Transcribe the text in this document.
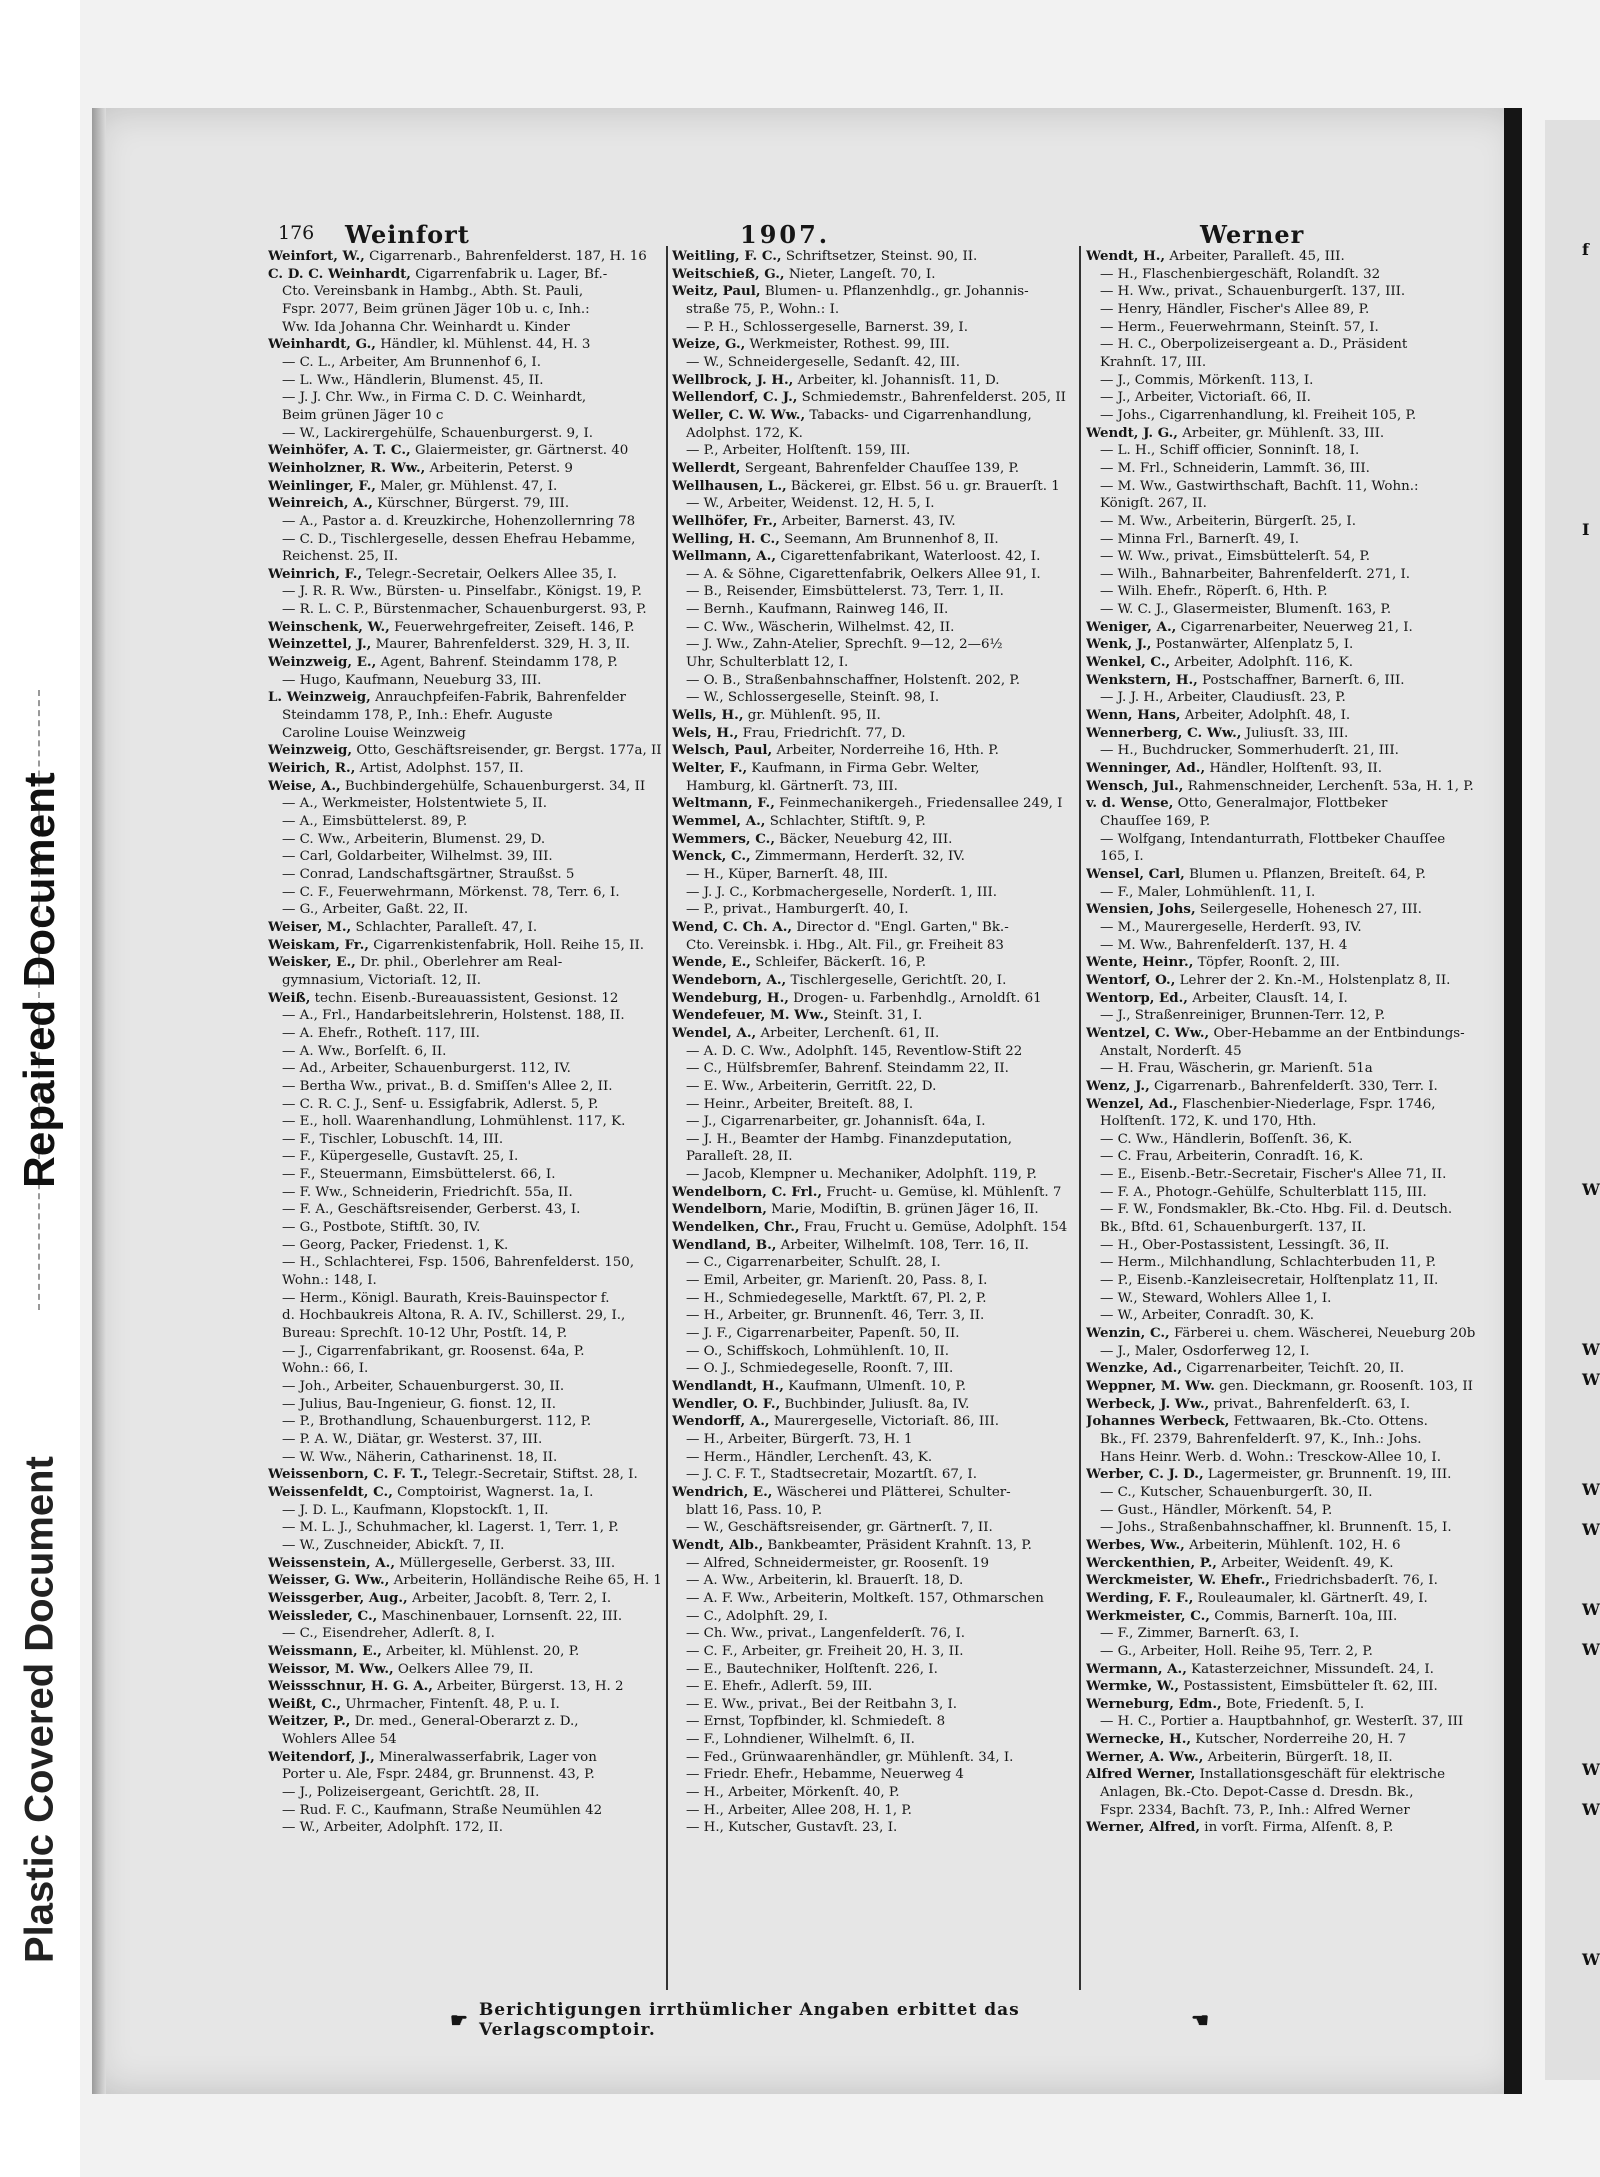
Repaired Document
Plastic Covered Document
f
I
W
W
W
W
W
W
W
W
W
W
176 Weinfort	1907.	Werner
Weinfort, W., Cigarrenarb., Bahrenfelderst. 187, H. 16
C. D. C. Weinhardt, Cigarrenfabrik u. Lager, Bf.-
Cto. Vereinsbank in Hambg., Abth. St. Pauli,
Fspr. 2077, Beim grünen Jäger 10b u. c, Inh.:
Ww. Ida Johanna Chr. Weinhardt u. Kinder
Weinhardt, G., Händler, kl. Mühlenst. 44, H. 3
— C. L., Arbeiter, Am Brunnenhof 6, I.
— L. Ww., Händlerin, Blumenst. 45, II.
— J. J. Chr. Ww., in Firma C. D. C. Weinhardt,
Beim grünen Jäger 10 c
— W., Lackirergehülfe, Schauenburgerst. 9, I.
Weinhöfer, A. T. C., Glaiermeister, gr. Gärtnerst. 40
Weinholzner, R. Ww., Arbeiterin, Peterst. 9
Weinlinger, F., Maler, gr. Mühlenst. 47, I.
Weinreich, A., Kürschner, Bürgerst. 79, III.
— A., Pastor a. d. Kreuzkirche, Hohenzollernring 78
— C. D., Tischlergeselle, dessen Ehefrau Hebamme,
Reichenst. 25, II.
Weinrich, F., Telegr.-Secretair, Oelkers Allee 35, I.
— J. R. R. Ww., Bürsten- u. Pinselfabr., Königst. 19, P.
— R. L. C. P., Bürstenmacher, Schauenburgerst. 93, P.
Weinschenk, W., Feuerwehrgefreiter, Zeiseft. 146, P.
Weinzettel, J., Maurer, Bahrenfelderst. 329, H. 3, II.
Weinzweig, E., Agent, Bahrenf. Steindamm 178, P.
— Hugo, Kaufmann, Neueburg 33, III.
L. Weinzweig, Anrauchpfeifen-Fabrik, Bahrenfelder
Steindamm 178, P., Inh.: Ehefr. Auguste
Caroline Louise Weinzweig
Weinzweig, Otto, Geschäftsreisender, gr. Bergst. 177a, II
Weirich, R., Artist, Adolphst. 157, II.
Weise, A., Buchbindergehülfe, Schauenburgerst. 34, II
— A., Werkmeister, Holstentwiete 5, II.
— A., Eimsbüttelerst. 89, P.
— C. Ww., Arbeiterin, Blumenst. 29, D.
— Carl, Goldarbeiter, Wilhelmst. 39, III.
— Conrad, Landschaftsgärtner, Straußst. 5
— C. F., Feuerwehrmann, Mörkenst. 78, Terr. 6, I.
— G., Arbeiter, Gaßt. 22, II.
Weiser, M., Schlachter, Paralleſt. 47, I.
Weiskam, Fr., Cigarrenkistenfabrik, Holl. Reihe 15, II.
Weisker, E., Dr. phil., Oberlehrer am Real-
gymnasium, Victoriaſt. 12, II.
Weiß, techn. Eisenb.-Bureauassistent, Gesionst. 12
— A., Frl., Handarbeitslehrerin, Holstenst. 188, II.
— A. Ehefr., Rotheſt. 117, III.
— A. Ww., Borſelſt. 6, II.
— Ad., Arbeiter, Schauenburgerst. 112, IV.
— Bertha Ww., privat., B. d. Smiſſen's Allee 2, II.
— C. R. C. J., Senf- u. Essigfabrik, Adlerst. 5, P.
— E., holl. Waarenhandlung, Lohmühlenst. 117, K.
— F., Tischler, Lobuschſt. 14, III.
— F., Küpergeselle, Gustavſt. 25, I.
— F., Steuermann, Eimsbüttelerst. 66, I.
— F. Ww., Schneiderin, Friedrichſt. 55a, II.
— F. A., Geschäftsreisender, Gerberst. 43, I.
— G., Postbote, Stiftſt. 30, IV.
— Georg, Packer, Friedenst. 1, K.
— H., Schlachterei, Fsp. 1506, Bahrenfelderst. 150,
Wohn.: 148, I.
— Herm., Königl. Baurath, Kreis-Bauinspector f.
d. Hochbaukreis Altona, R. A. IV., Schillerst. 29, I.,
Bureau: Sprechſt. 10-12 Uhr, Postſt. 14, P.
— J., Cigarrenfabrikant, gr. Roosenst. 64a, P.
Wohn.: 66, I.
— Joh., Arbeiter, Schauenburgerst. 30, II.
— Julius, Bau-Ingenieur, G. fionst. 12, II.
— P., Brothandlung, Schauenburgerst. 112, P.
— P. A. W., Diätar, gr. Westerst. 37, III.
— W. Ww., Näherin, Catharinenst. 18, II.
Weissenborn, C. F. T., Telegr.-Secretair, Stiftst. 28, I.
Weissenfeldt, C., Comptoirist, Wagnerst. 1a, I.
— J. D. L., Kaufmann, Klopstockſt. 1, II.
— M. L. J., Schuhmacher, kl. Lagerst. 1, Terr. 1, P.
— W., Zuschneider, Abickſt. 7, II.
Weissenstein, A., Müllergeselle, Gerberst. 33, III.
Weisser, G. Ww., Arbeiterin, Holländische Reihe 65, H. 1
Weissgerber, Aug., Arbeiter, Jacobſt. 8, Terr. 2, I.
Weissleder, C., Maschinenbauer, Lornsenſt. 22, III.
— C., Eisendreher, Adlerſt. 8, I.
Weissmann, E., Arbeiter, kl. Mühlenst. 20, P.
Weissor, M. Ww., Oelkers Allee 79, II.
Weissschnur, H. G. A., Arbeiter, Bürgerst. 13, H. 2
Weißt, C., Uhrmacher, Fintenſt. 48, P. u. I.
Weitzer, P., Dr. med., General-Oberarzt z. D.,
Wohlers Allee 54
Weitendorf, J., Mineralwasserfabrik, Lager von
Porter u. Ale, Fspr. 2484, gr. Brunnenst. 43, P.
— J., Polizeisergeant, Gerichtſt. 28, II.
— Rud. F. C., Kaufmann, Straße Neumühlen 42
— W., Arbeiter, Adolphſt. 172, II.
Weitling, F. C., Schriftsetzer, Steinst. 90, II.
Weitschieß, G., Nieter, Langeſt. 70, I.
Weitz, Paul, Blumen- u. Pflanzenhdlg., gr. Johannis-
straße 75, P., Wohn.: I.
— P. H., Schlossergeselle, Barnerst. 39, I.
Weize, G., Werkmeister, Rothest. 99, III.
— W., Schneidergeselle, Sedanſt. 42, III.
Wellbrock, J. H., Arbeiter, kl. Johannisſt. 11, D.
Wellendorf, C. J., Schmiedemstr., Bahrenfelderst. 205, II
Weller, C. W. Ww., Tabacks- und Cigarrenhandlung,
Adolphst. 172, K.
— P., Arbeiter, Holſtenſt. 159, III.
Wellerdt, Sergeant, Bahrenfelder Chauſſee 139, P.
Wellhausen, L., Bäckerei, gr. Elbst. 56 u. gr. Brauerſt. 1
— W., Arbeiter, Weidenst. 12, H. 5, I.
Wellhöfer, Fr., Arbeiter, Barnerst. 43, IV.
Welling, H. C., Seemann, Am Brunnenhof 8, II.
Wellmann, A., Cigarettenfabrikant, Waterloost. 42, I.
— A. & Söhne, Cigarettenfabrik, Oelkers Allee 91, I.
— B., Reisender, Eimsbüttelerst. 73, Terr. 1, II.
— Bernh., Kaufmann, Rainweg 146, II.
— C. Ww., Wäscherin, Wilhelmst. 42, II.
— J. Ww., Zahn-Atelier, Sprechſt. 9—12, 2—6½
Uhr, Schulterblatt 12, I.
— O. B., Straßenbahnschaffner, Holstenſt. 202, P.
— W., Schlossergeselle, Steinſt. 98, I.
Wells, H., gr. Mühlenſt. 95, II.
Wels, H., Frau, Friedrichſt. 77, D.
Welsch, Paul, Arbeiter, Norderreihe 16, Hth. P.
Welter, F., Kaufmann, in Firma Gebr. Welter,
Hamburg, kl. Gärtnerſt. 73, III.
Weltmann, F., Feinmechanikergeh., Friedensallee 249, I
Wemmel, A., Schlachter, Stiftſt. 9, P.
Wemmers, C., Bäcker, Neueburg 42, III.
Wenck, C., Zimmermann, Herderſt. 32, IV.
— H., Küper, Barnerſt. 48, III.
— J. J. C., Korbmachergeselle, Norderſt. 1, III.
— P., privat., Hamburgerſt. 40, I.
Wend, C. Ch. A., Director d. "Engl. Garten," Bk.-
Cto. Vereinsbk. i. Hbg., Alt. Fil., gr. Freiheit 83
Wende, E., Schleifer, Bäckerſt. 16, P.
Wendeborn, A., Tischlergeselle, Gerichtſt. 20, I.
Wendeburg, H., Drogen- u. Farbenhdlg., Arnoldſt. 61
Wendefeuer, M. Ww., Steinſt. 31, I.
Wendel, A., Arbeiter, Lerchenſt. 61, II.
— A. D. C. Ww., Adolphſt. 145, Reventlow-Stift 22
— C., Hülfsbremſer, Bahrenf. Steindamm 22, II.
— E. Ww., Arbeiterin, Gerritſt. 22, D.
— Heinr., Arbeiter, Breiteſt. 88, I.
— J., Cigarrenarbeiter, gr. Johannisſt. 64a, I.
— J. H., Beamter der Hambg. Finanzdeputation,
Paralleſt. 28, II.
— Jacob, Klempner u. Mechaniker, Adolphſt. 119, P.
Wendelborn, C. Frl., Frucht- u. Gemüse, kl. Mühlenſt. 7
Wendelborn, Marie, Modiſtin, B. grünen Jäger 16, II.
Wendelken, Chr., Frau, Frucht u. Gemüse, Adolphſt. 154
Wendland, B., Arbeiter, Wilhelmſt. 108, Terr. 16, II.
— C., Cigarrenarbeiter, Schulſt. 28, I.
— Emil, Arbeiter, gr. Marienſt. 20, Pass. 8, I.
— H., Schmiedegeselle, Marktſt. 67, Pl. 2, P.
— H., Arbeiter, gr. Brunnenſt. 46, Terr. 3, II.
— J. F., Cigarrenarbeiter, Papenſt. 50, II.
— O., Schiffskoch, Lohmühlenſt. 10, II.
— O. J., Schmiedegeselle, Roonſt. 7, III.
Wendlandt, H., Kaufmann, Ulmenſt. 10, P.
Wendler, O. F., Buchbinder, Juliusſt. 8a, IV.
Wendorff, A., Maurergeselle, Victoriaſt. 86, III.
— H., Arbeiter, Bürgerſt. 73, H. 1
— Herm., Händler, Lerchenſt. 43, K.
— J. C. F. T., Stadtsecretair, Mozartſt. 67, I.
Wendrich, E., Wäscherei und Plätterei, Schulter-
blatt 16, Pass. 10, P.
— W., Geschäftsreisender, gr. Gärtnerſt. 7, II.
Wendt, Alb., Bankbeamter, Präsident Krahnſt. 13, P.
— Alfred, Schneidermeister, gr. Roosenſt. 19
— A. Ww., Arbeiterin, kl. Brauerſt. 18, D.
— A. F. Ww., Arbeiterin, Moltkeſt. 157, Othmarschen
— C., Adolphſt. 29, I.
— Ch. Ww., privat., Langenfelderſt. 76, I.
— C. F., Arbeiter, gr. Freiheit 20, H. 3, II.
— E., Bautechniker, Holſtenſt. 226, I.
— E. Ehefr., Adlerſt. 59, III.
— E. Ww., privat., Bei der Reitbahn 3, I.
— Ernst, Topfbinder, kl. Schmiedeſt. 8
— F., Lohndiener, Wilhelmſt. 6, II.
— Fed., Grünwaarenhändler, gr. Mühlenſt. 34, I.
— Friedr. Ehefr., Hebamme, Neuerweg 4
— H., Arbeiter, Mörkenſt. 40, P.
— H., Arbeiter, Allee 208, H. 1, P.
— H., Kutscher, Gustavſt. 23, I.
Wendt, H., Arbeiter, Paralleſt. 45, III.
— H., Flaschenbiergeschäft, Rolandſt. 32
— H. Ww., privat., Schauenburgerſt. 137, III.
— Henry, Händler, Fischer's Allee 89, P.
— Herm., Feuerwehrmann, Steinſt. 57, I.
— H. C., Oberpolizeisergeant a. D., Präsident
Krahnſt. 17, III.
— J., Commis, Mörkenſt. 113, I.
— J., Arbeiter, Victoriaſt. 66, II.
— Johs., Cigarrenhandlung, kl. Freiheit 105, P.
Wendt, J. G., Arbeiter, gr. Mühlenſt. 33, III.
— L. H., Schiff officier, Sonninſt. 18, I.
— M. Frl., Schneiderin, Lammſt. 36, III.
— M. Ww., Gastwirthschaft, Bachſt. 11, Wohn.:
Königſt. 267, II.
— M. Ww., Arbeiterin, Bürgerſt. 25, I.
— Minna Frl., Barnerſt. 49, I.
— W. Ww., privat., Eimsbüttelerſt. 54, P.
— Wilh., Bahnarbeiter, Bahrenfelderſt. 271, I.
— Wilh. Ehefr., Röperſt. 6, Hth. P.
— W. C. J., Glasermeister, Blumenſt. 163, P.
Weniger, A., Cigarrenarbeiter, Neuerweg 21, I.
Wenk, J., Postanwärter, Alſenplatz 5, I.
Wenkel, C., Arbeiter, Adolphſt. 116, K.
Wenkstern, H., Postschaffner, Barnerſt. 6, III.
— J. J. H., Arbeiter, Claudiusſt. 23, P.
Wenn, Hans, Arbeiter, Adolphſt. 48, I.
Wennerberg, C. Ww., Juliusſt. 33, III.
— H., Buchdrucker, Sommerhuderſt. 21, III.
Wenninger, Ad., Händler, Holſtenſt. 93, II.
Wensch, Jul., Rahmenschneider, Lerchenſt. 53a, H. 1, P.
v. d. Wense, Otto, Generalmajor, Flottbeker
Chauſſee 169, P.
— Wolfgang, Intendanturrath, Flottbeker Chauſſee
165, I.
Wensel, Carl, Blumen u. Pflanzen, Breiteſt. 64, P.
— F., Maler, Lohmühlenſt. 11, I.
Wensien, Johs, Seilergeselle, Hohenesch 27, III.
— M., Maurergeselle, Herderſt. 93, IV.
— M. Ww., Bahrenfelderſt. 137, H. 4
Wente, Heinr., Töpfer, Roonſt. 2, III.
Wentorf, O., Lehrer der 2. Kn.-M., Holstenplatz 8, II.
Wentorp, Ed., Arbeiter, Clausſt. 14, I.
— J., Straßenreiniger, Brunnen-Terr. 12, P.
Wentzel, C. Ww., Ober-Hebamme an der Entbindungs-
Anstalt, Norderſt. 45
— H. Frau, Wäscherin, gr. Marienſt. 51a
Wenz, J., Cigarrenarb., Bahrenfelderſt. 330, Terr. I.
Wenzel, Ad., Flaschenbier-Niederlage, Fspr. 1746,
Holſtenſt. 172, K. und 170, Hth.
— C. Ww., Händlerin, Boſſenſt. 36, K.
— C. Frau, Arbeiterin, Conradſt. 16, K.
— E., Eisenb.-Betr.-Secretair, Fischer's Allee 71, II.
— F. A., Photogr.-Gehülfe, Schulterblatt 115, III.
— F. W., Fondsmakler, Bk.-Cto. Hbg. Fil. d. Deutsch.
Bk., Bſtd. 61, Schauenburgerſt. 137, II.
— H., Ober-Postassistent, Lessingſt. 36, II.
— Herm., Milchhandlung, Schlachterbuden 11, P.
— P., Eisenb.-Kanzleisecretair, Holſtenplatz 11, II.
— W., Steward, Wohlers Allee 1, I.
— W., Arbeiter, Conradſt. 30, K.
Wenzin, C., Färberei u. chem. Wäscherei, Neueburg 20b
— J., Maler, Osdorferweg 12, I.
Wenzke, Ad., Cigarrenarbeiter, Teichſt. 20, II.
Weppner, M. Ww. gen. Dieckmann, gr. Roosenſt. 103, II
Werbeck, J. Ww., privat., Bahrenfelderſt. 63, I.
Johannes Werbeck, Fettwaaren, Bk.-Cto. Ottens.
Bk., Fſ. 2379, Bahrenfelderſt. 97, K., Inh.: Johs.
Hans Heinr. Werb. d. Wohn.: Tresckow-Allee 10, I.
Werber, C. J. D., Lagermeister, gr. Brunnenſt. 19, III.
— C., Kutscher, Schauenburgerſt. 30, II.
— Gust., Händler, Mörkenſt. 54, P.
— Johs., Straßenbahnschaffner, kl. Brunnenſt. 15, I.
Werbes, Ww., Arbeiterin, Mühlenſt. 102, H. 6
Werckenthien, P., Arbeiter, Weidenſt. 49, K.
Werckmeister, W. Ehefr., Friedrichsbaderſt. 76, I.
Werding, F. F., Rouleaumaler, kl. Gärtnerſt. 49, I.
Werkmeister, C., Commis, Barnerſt. 10a, III.
— F., Zimmer, Barnerſt. 63, I.
— G., Arbeiter, Holl. Reihe 95, Terr. 2, P.
Wermann, A., Katasterzeichner, Missundeſt. 24, I.
Wermke, W., Postassistent, Eimsbütteler ſt. 62, III.
Werneburg, Edm., Bote, Friedenſt. 5, I.
— H. C., Portier a. Hauptbahnhof, gr. Westerſt. 37, III
Wernecke, H., Kutscher, Norderreihe 20, H. 7
Werner, A. Ww., Arbeiterin, Bürgerſt. 18, II.
Alfred Werner, Installationsgeschäft für elektrische
Anlagen, Bk.-Cto. Depot-Casse d. Dresdn. Bk.,
Fspr. 2334, Bachſt. 73, P., Inh.: Alfred Werner
Werner, Alfred, in vorſt. Firma, Alſenſt. 8, P.
☛ Berichtigungen irrthümlicher Angaben erbittet das Verlagscomptoir.	☚
